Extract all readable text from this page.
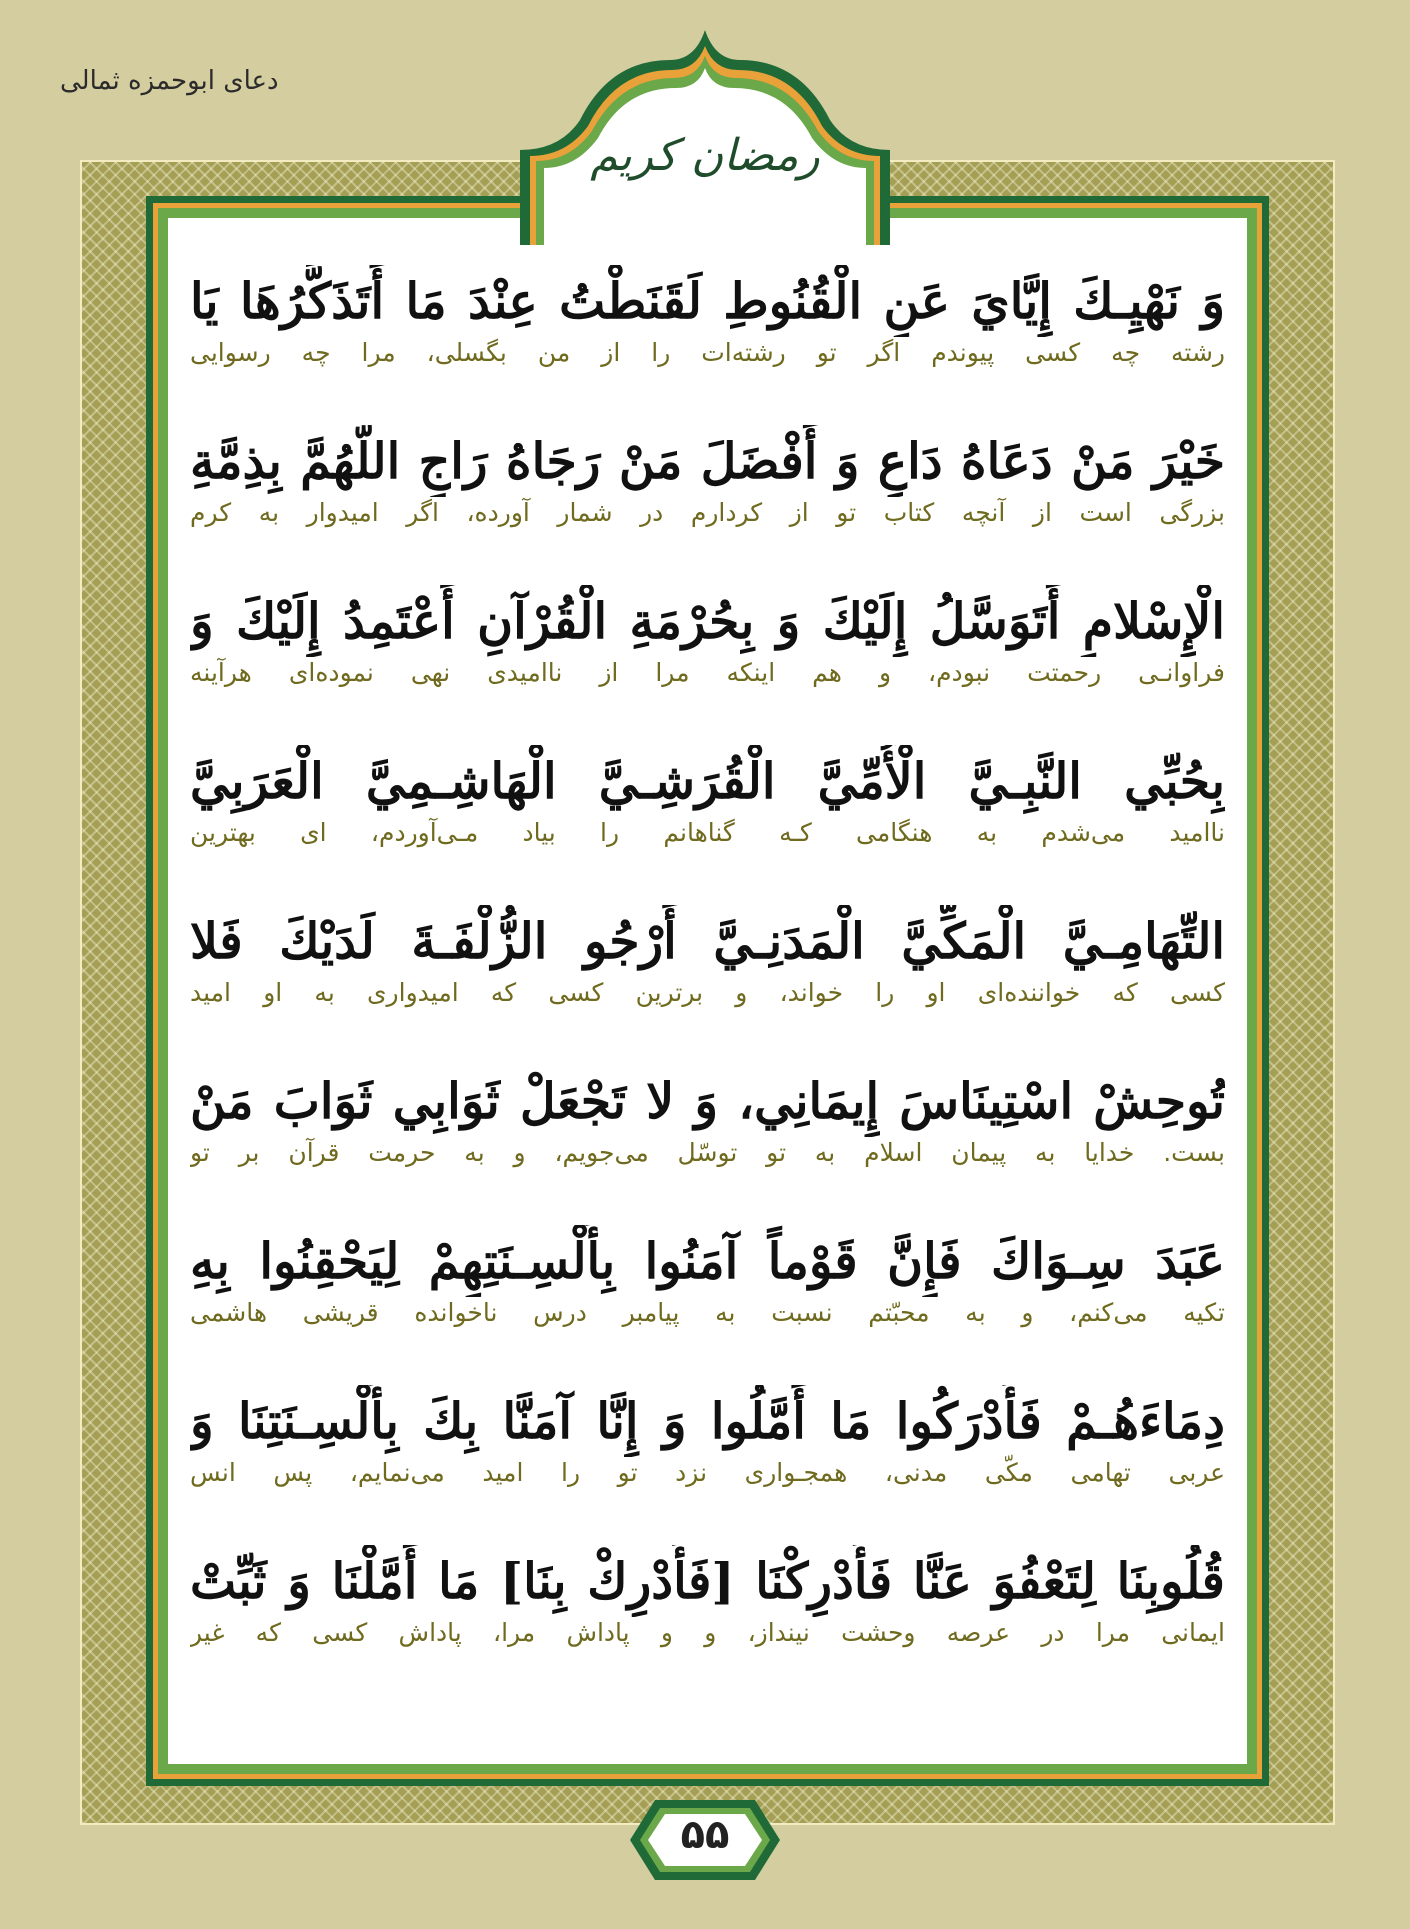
دعای ابوحمزه ثمالی
رمضان کریم
وَ نَهْيِـكَ إِيَّايَ عَنِ الْقُنُوطِ لَقَنَطْتُ عِنْدَ مَا أَتَذَكَّرُهَا يَا
رشته چه کسی پیوندم اگر تو رشته‌ات را از من بگسلی، مرا چه رسوایی
خَيْرَ مَنْ دَعَاهُ دَاعٍ وَ أَفْضَلَ مَنْ رَجَاهُ رَاجٍ اللَّهُمَّ بِذِمَّةِ
بزرگی است از آنچه کتاب تو از کردارم در شمار آورده، اگر امیدوار به کرم
الْإِسْلامِ أَتَوَسَّلُ إِلَيْكَ وَ بِحُرْمَةِ الْقُرْآنِ أَعْتَمِدُ إِلَيْكَ وَ
فراوانـی رحمتت نبودم، و هم اینکه مرا از ناامیدی نهی نموده‌ای هرآینه
بِحُبِّي النَّبِـيَّ الْأُمِّيَّ الْقُرَشِـيَّ الْهَاشِـمِيَّ الْعَرَبِيَّ
ناامید می‌شدم به هنگامی کـه گناهانم را بیاد مـی‌آوردم، ای بهترین
التِّهَامِـيَّ الْمَكِّيَّ الْمَدَنِـيَّ أَرْجُو الزُّلْفَـةَ لَدَيْكَ فَلا
کسی که خواننده‌ای او را خواند، و برترین کسی که امیدواری به او امید
تُوحِشْ اسْتِينَاسَ إِيمَانِي، وَ لا تَجْعَلْ ثَوَابِي ثَوَابَ مَنْ
بست. خدایا به پیمان اسلام به تو توسّل می‌جویم، و به حرمت قرآن بر تو
عَبَدَ سِـوَاكَ فَإِنَّ قَوْماً آمَنُوا بِأَلْسِـنَتِهِمْ لِيَحْقِنُوا بِهِ
تکیه می‌کنم، و به محبّتم نسبت به پیامبر درس ناخوانده قریشی هاشمی
دِمَاءَهُـمْ فَأَدْرَكُوا مَا أَمَّلُوا وَ إِنَّا آمَنَّا بِكَ بِأَلْسِـنَتِنَا وَ
عربی تهامی مکّی مدنی، همجـواری نزد تو را امید می‌نمایم، پس انس
قُلُوبِنَا لِتَعْفُوَ عَنَّا فَأَدْرِكْنَا [فَأَدْرِكْ بِنَا] مَا أَمَّلْنَا وَ ثَبِّتْ
ایمانی مرا در عرصه وحشت نینداز، و و پاداش مرا، پاداش کسی که غیر
۵۵
